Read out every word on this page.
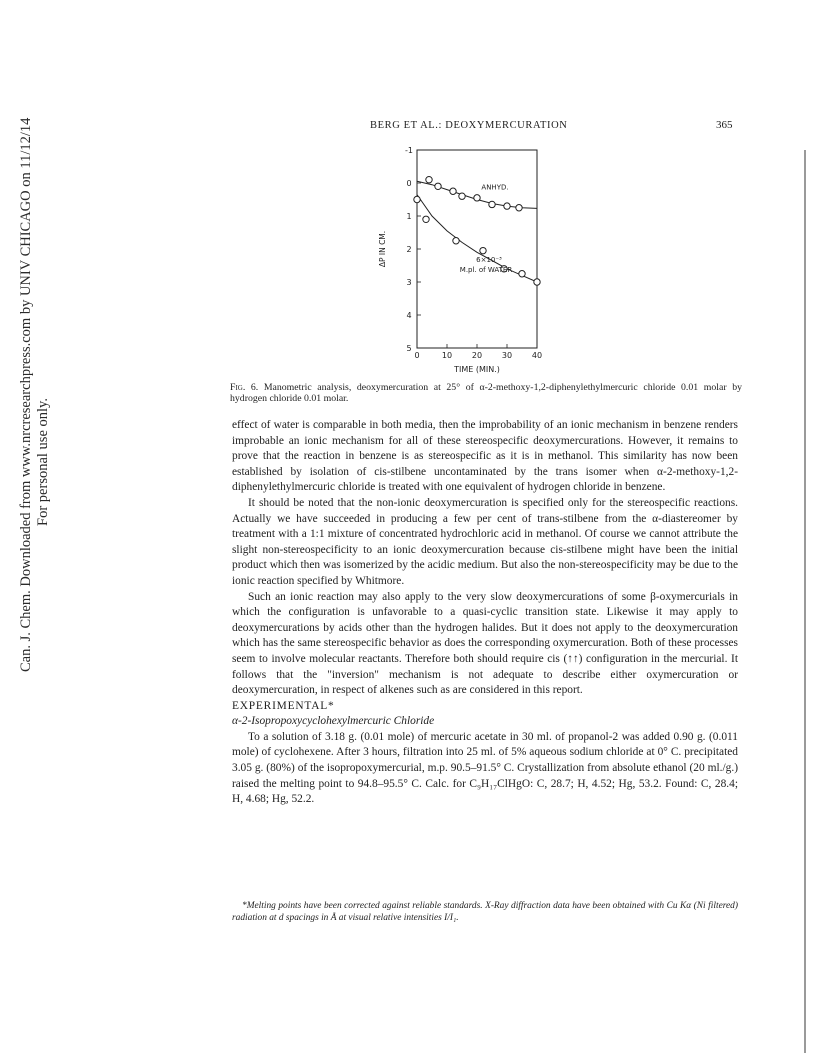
Can. J. Chem. Downloaded from www.nrcresearchpress.com by UNIV CHICAGO on 11/12/14 For personal use only.
BERG ET AL.: DEOXYMERCURATION	365
-1
0
1
2
3
4
5
0	10 20 30 40
ΔP IN CM.
TIME (MIN.)
ANHYD.
6×10⁻³
M.pl. of WATER
Fig. 6. Manometric analysis, deoxymercuration at 25° of α-2-methoxy-1,2-diphenylethylmercuric chloride 0.01 molar by hydrogen chloride 0.01 molar.

effect of water is comparable in both media, then the improbability of an ionic mechanism in benzene renders improbable an ionic mechanism for all of these stereospecific deoxymercurations. However, it remains to prove that the reaction in benzene is as stereospecific as it is in methanol. This similarity has now been established by isolation of cis-stilbene uncontaminated by the trans isomer when α-2-methoxy-1,2-diphenylethylmercuric chloride is treated with one equivalent of hydrogen chloride in benzene.

It should be noted that the non-ionic deoxymercuration is specified only for the stereospecific reactions. Actually we have succeeded in producing a few per cent of trans-stilbene from the α-diastereomer by treatment with a 1:1 mixture of concentrated hydrochloric acid in methanol. Of course we cannot attribute the slight non-stereospecificity to an ionic deoxymercuration because cis-stilbene might have been the initial product which then was isomerized by the acidic medium. But also the non-stereospecificity may be due to the ionic reaction specified by Whitmore.

Such an ionic reaction may also apply to the very slow deoxymercurations of some β-oxymercurials in which the configuration is unfavorable to a quasi-cyclic transition state. Likewise it may apply to deoxymercurations by acids other than the hydrogen halides. But it does not apply to the deoxymercuration which has the same stereospecific behavior as does the corresponding oxymercuration. Both of these processes seem to involve molecular reactants. Therefore both should require cis (↑↑) configuration in the mercurial. It follows that the "inversion" mechanism is not adequate to describe either oxymercuration or deoxymercuration, in respect of alkenes such as are considered in this report.

EXPERIMENTAL*

α-2-Isopropoxycyclohexylmercuric Chloride

To a solution of 3.18 g. (0.01 mole) of mercuric acetate in 30 ml. of propanol-2 was added 0.90 g. (0.011 mole) of cyclohexene. After 3 hours, filtration into 25 ml. of 5% aqueous sodium chloride at 0° C. precipitated 3.05 g. (80%) of the isopropoxymercurial, m.p. 90.5–91.5° C. Crystallization from absolute ethanol (20 ml./g.) raised the melting point to 94.8–95.5° C. Calc. for C₉H₁₇ClHgO: C, 28.7; H, 4.52; Hg, 53.2. Found: C, 28.4; H, 4.68; Hg, 52.2.

*Melting points have been corrected against reliable standards. X-Ray diffraction data have been obtained with Cu Kα (Ni filtered) radiation at d spacings in Å at visual relative intensities I/I₁.
